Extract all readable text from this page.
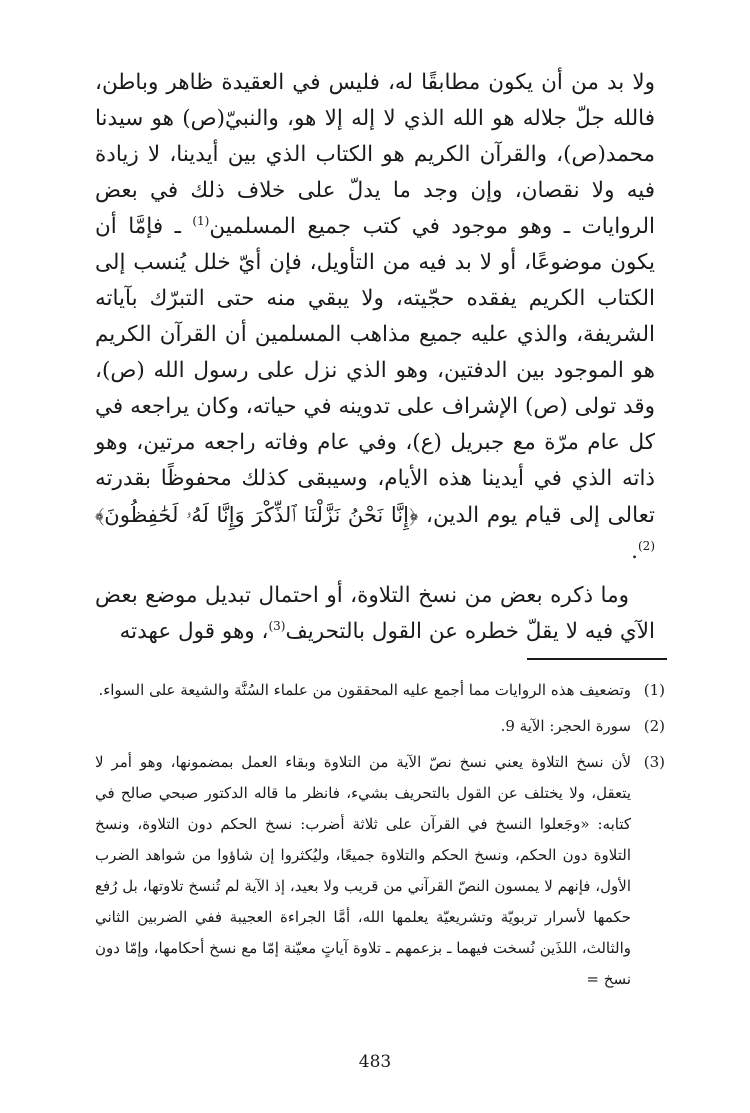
ولا بد من أن يكون مطابقًا له، فليس في العقيدة ظاهر وباطن، فالله جلّ جلاله هو الله الذي لا إله إلا هو، والنبيّ(ص) هو سيدنا محمد(ص)، والقرآن الكريم هو الكتاب الذي بين أيدينا، لا زيادة فيه ولا نقصان، وإن وجد ما يدلّ على خلاف ذلك في بعض الروايات ـ وهو موجود في كتب جميع المسلمين$^{(1)}$ ـ فإمَّا أن يكون موضوعًا، أو لا بد فيه من التأويل، فإن أيّ خلل يُنسب إلى الكتاب الكريم يفقده حجّيته، ولا يبقي منه حتى التبرّك بآياته الشريفة، والذي عليه جميع مذاهب المسلمين أن القرآن الكريم هو الموجود بين الدفتين، وهو الذي نزل على رسول الله (ص)، وقد تولى (ص) الإشراف على تدوينه في حياته، وكان يراجعه في كل عام مرّة مع جبريل (ع)، وفي عام وفاته راجعه مرتين، وهو ذاته الذي في أيدينا هذه الأيام، وسيبقى كذلك محفوظًا بقدرته تعالى إلى قيام يوم الدين، ﴿إِنَّا نَحْنُ نَزَّلْنَا ٱلذِّكْرَ وَإِنَّا لَهُۥ لَحَٰفِظُونَ﴾$^{(2)}$.

وما ذكره بعض من نسخ التلاوة، أو احتمال تبديل موضع بعض الآي فيه لا يقلّ خطره عن القول بالتحريف$^{(3)}$، وهو قول عهدته

(1)
وتضعيف هذه الروايات مما أجمع عليه المحققون من علماء السُنَّة والشيعة على السواء.
(2)
سورة الحجر: الآية 9.
(3)
لأن نسخ التلاوة يعني نسخ نصّ الآية من التلاوة وبقاء العمل بمضمونها، وهو أمر لا يتعقل، ولا يختلف عن القول بالتحريف بشيء، فانظر ما قاله الدكتور صبحي صالح في كتابه: «وجَعلوا النسخ في القرآن على ثلاثة أضرب: نسخ الحكم دون التلاوة، ونسخ التلاوة دون الحكم، ونسخ الحكم والتلاوة جميعًا، وليُكثروا إن شاؤوا من شواهد الضرب الأول، فإنهم لا يمسون النصّ القرآني من قريب ولا بعيد، إذ الآية لم تُنسخ تلاوتها، بل رُفع حكمها لأسرار تربويّة وتشريعيّة يعلمها الله، أمَّا الجراءة العجيبة ففي الضربين الثاني والثالث، اللذَين نُسخت فيهما ـ بزعمهم ـ تلاوة آياتٍ معيّنة إمّا مع نسخ أحكامها، وإمّا دون نسخ =
483
